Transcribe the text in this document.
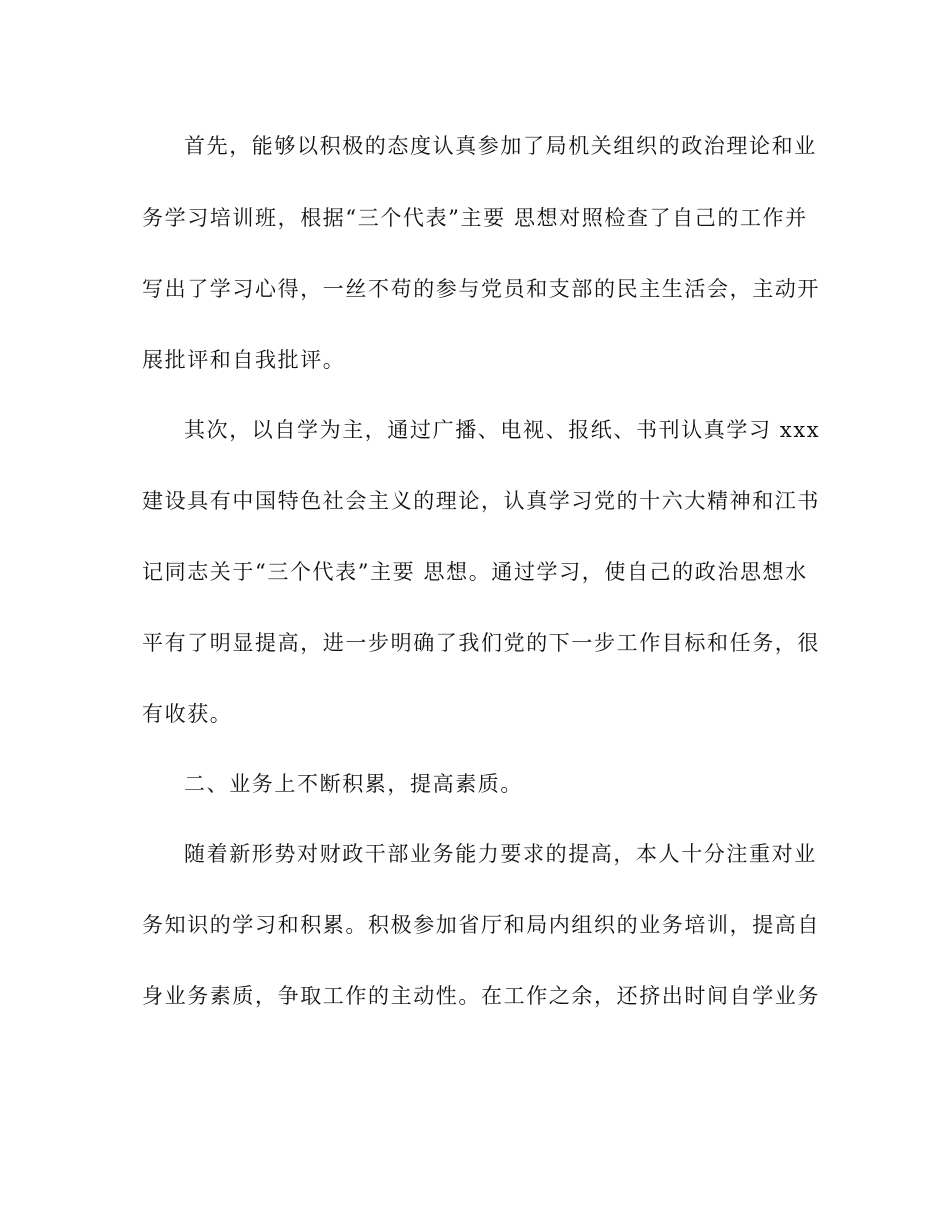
首先，能够以积极的态度认真参加了局机关组织的政治理论和业
务学习培训班，根据“三个代表”主要 思想对照检查了自己的工作并
写出了学习心得，一丝不苟的参与党员和支部的民主生活会，主动开
展批评和自我批评。
其次，以自学为主，通过广播、电视、报纸、书刊认真学习 xxx
建设具有中国特色社会主义的理论，认真学习党的十六大精神和江书
记同志关于“三个代表”主要 思想。通过学习，使自己的政治思想水
平有了明显提高，进一步明确了我们党的下一步工作目标和任务，很
有收获。
二、业务上不断积累，提高素质。
随着新形势对财政干部业务能力要求的提高，本人十分注重对业
务知识的学习和积累。积极参加省厅和局内组织的业务培训，提高自
身业务素质，争取工作的主动性。在工作之余，还挤出时间自学业务
